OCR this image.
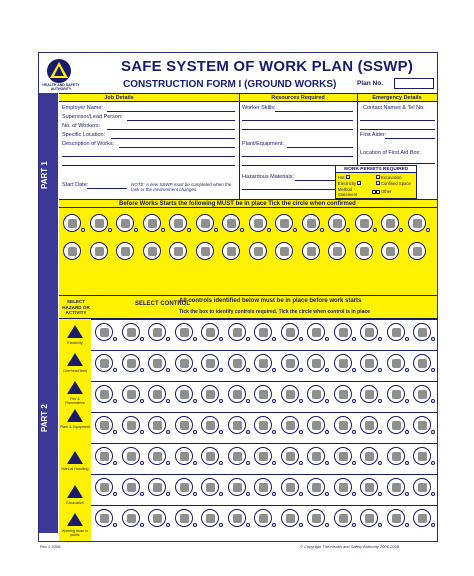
HEALTH AND SAFETY AUTHORITY
SAFE SYSTEM OF WORK PLAN (SSWP)
CONSTRUCTION FORM I (GROUND WORKS)	Plan No.
PART 1
PART 2
Job Details	Resources Required	Emergency Details
Employer Name:
Supervisor/Lead Person:
No. of Workers:
Specific Location:
Description of Works:
Start Date:	NOTE: A new SSWP must be completed when the task or the environment changes.
Worker Skills:
Plant/Equipment:
Hazardous Materials:
Contact Names & Tel No.
First Aider:
Location of First Aid Box:
WORK PERMITS REQUIRED
Hot	Excavation
Electricity	Confined Space
Method Statement	Other
Before Works Starts the following MUST be in place Tick the circle when confirmed
SELECT HAZARD OR ACTIVITY
SELECT CONTROL
All controls identified below must be in place before work starts
Tick the box to identify controls required. Tick the circle when control is in place
Electricity
Overhead lines
Fire & Flammables
Plant & Equipment
Manual Handling
Excavation
Working close to public
Rev 2 2008	© Copyright The Health and Safety Authority 2005-2008
